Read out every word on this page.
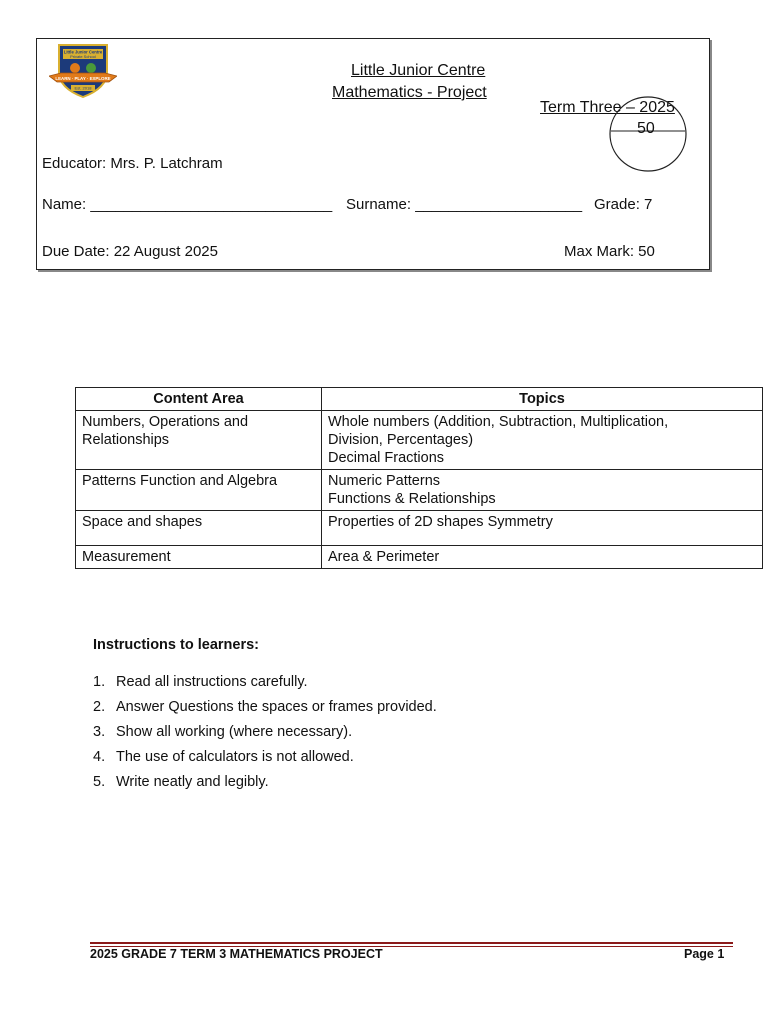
Little Junior Centre
Private School
LEARN · PLAY · EXPLORE
Est. 2018
Little Junior Centre
Mathematics - Project
Term Three – 2025
50
Educator: Mrs. P. Latchram
Name: _____________________________ Surname: ____________________ Grade: 7
Due Date: 22 August 2025	Max Mark: 50
Content Area	Topics

Numbers, Operations and
Relationships	Whole numbers (Addition, Subtraction, Multiplication,
Division, Percentages)
Decimal Fractions

Patterns Function and Algebra	Numeric Patterns
Functions & Relationships

Space and shapes	Properties of 2D shapes Symmetry

Measurement	Area & Perimeter
Instructions to learners:
1. Read all instructions carefully.
2. Answer Questions the spaces or frames provided.
3. Show all working (where necessary).
4. The use of calculators is not allowed.
5. Write neatly and legibly.
2025 GRADE 7 TERM 3 MATHEMATICS PROJECT	Page 1
